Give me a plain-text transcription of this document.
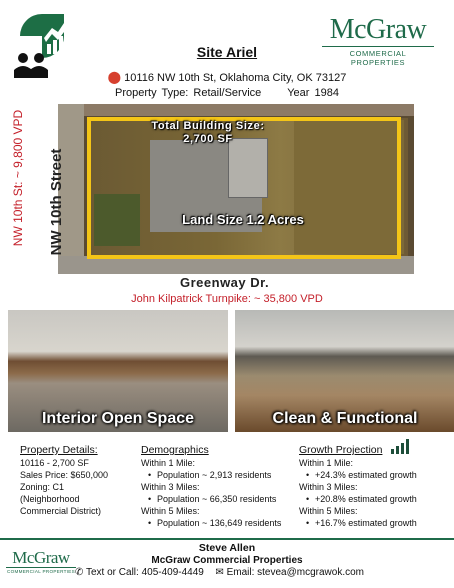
McGraw
COMMERCIAL PROPERTIES
Site Ariel
⬤ 10116 NW 10th St, Oklahoma City, OK 73127
Property Type: Retail/Service Year 1984
NW 10th St: ~ 9,800 VPD	Total Building Size:
2,700 SF
Land Size 1.2 Acres
NW 10th Street
Greenway Dr.
John Kilpatrick Turnpike: ~ 35,800 VPD
Interior Open Space	Clean & Functional
Property Details:
10116 - 2,700 SF
Sales Price: $650,000
Zoning: C1
(Neighborhood
Commercial District)
Demographics
Within 1 Mile:
• Population ~ 2,913 residents
Within 3 Miles:
• Population ~ 66,350 residents
Within 5 Miles:
• Population ~ 136,649 residents
Growth Projection
Within 1 Mile:
• +24.3% estimated growth
Within 3 Miles:
• +20.8% estimated growth
Within 5 Miles:
• +16.7% estimated growth
McGraw
COMMERCIAL PROPERTIES
Steve Allen
McGraw Commercial Properties
✆ Text or Call: 405-409-4449 ✉ Email: stevea@mcgrawok.com
